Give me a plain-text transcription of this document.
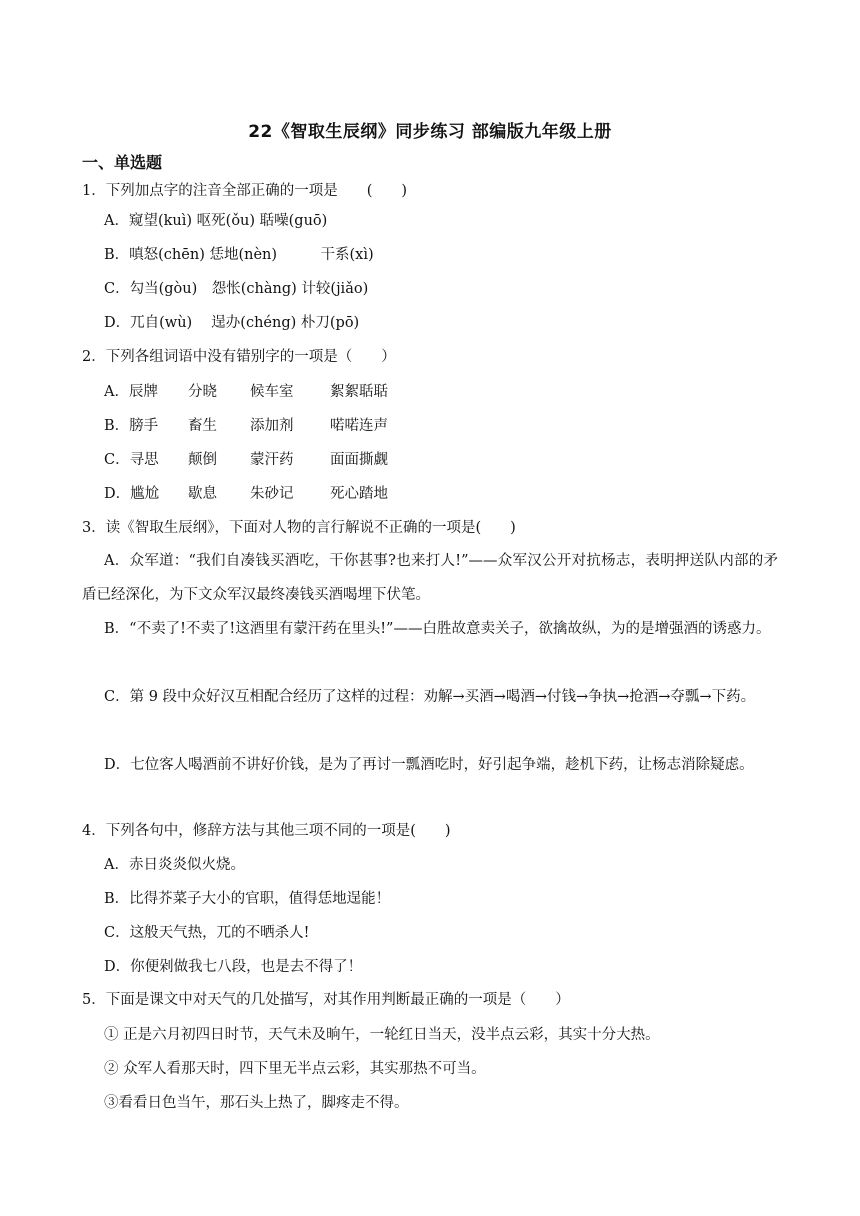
22《智取生辰纲》同步练习 部编版九年级上册
一、单选题
1．下列加点字的注音全部正确的一项是　　(　　)
A．窥望(kuì) 呕死(ǒu) 聒噪(guō)
B．嗔怒(chēn) 恁地(nèn)　　　干系(xì)
C．勾当(gòu)　怨怅(chàng) 计较(jiǎo)
D．兀自(wù)　 逞办(chéng) 朴刀(pō)
2．下列各组词语中没有错别字的一项是（　　）
A．辰牌 分晓 候车室	絮絮聒聒
B．膀手 畜生 添加剂	喏喏连声
C．寻思 颠倒 蒙汗药	面面撕觑
D．尴尬 歇息 朱砂记	死心踏地
3．读《智取生辰纲》，下面对人物的言行解说不正确的一项是(　　)
A．众军道：“我们自凑钱买酒吃，干你甚事?也来打人!”——众军汉公开对抗杨志，表明押送队内部的矛盾已经深化，为下文众军汉最终凑钱买酒喝埋下伏笔。
B．“不卖了!不卖了!这酒里有蒙汗药在里头!”——白胜故意卖关子，欲擒故纵，为的是增强酒的诱惑力。
C．第 9 段中众好汉互相配合经历了这样的过程：劝解→买酒→喝酒→付钱→争执→抢酒→夺瓢→下药。
D．七位客人喝酒前不讲好价钱，是为了再讨一瓢酒吃时，好引起争端，趁机下药，让杨志消除疑虑。
4．下列各句中，修辞方法与其他三项不同的一项是(　　)
A．赤日炎炎似火烧。
B．比得芥菜子大小的官职，值得恁地逞能！
C．这般天气热，兀的不晒杀人!
D．你便剁做我七八段，也是去不得了！
5．下面是课文中对天气的几处描写，对其作用判断最正确的一项是（　　）
① 正是六月初四日时节，天气未及晌午，一轮红日当天，没半点云彩，其实十分大热。
② 众军人看那天时，四下里无半点云彩，其实那热不可当。
③看看日色当午，那石头上热了，脚疼走不得。
